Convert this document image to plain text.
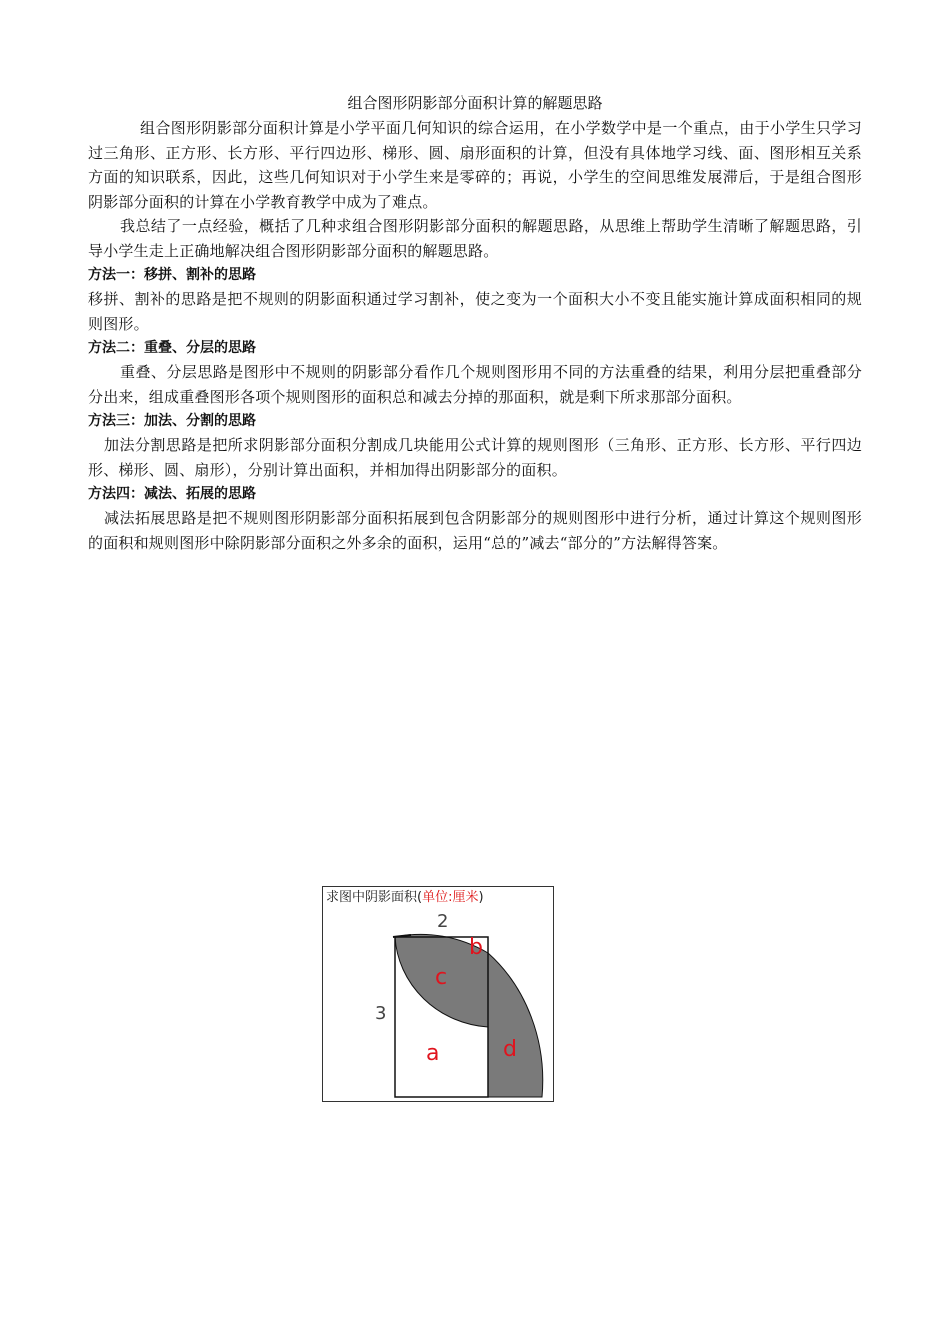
组合图形阴影部分面积计算的解题思路

组合图形阴影部分面积计算是小学平面几何知识的综合运用，在小学数学中是一个重点，由于小学生只学习过三角形、正方形、长方形、平行四边形、梯形、圆、扇形面积的计算，但没有具体地学习线、面、图形相互关系方面的知识联系，因此，这些几何知识对于小学生来是零碎的；再说，小学生的空间思维发展滞后，于是组合图形阴影部分面积的计算在小学教育教学中成为了难点。

我总结了一点经验，概括了几种求组合图形阴影部分面积的解题思路，从思维上帮助学生清晰了解题思路，引导小学生走上正确地解决组合图形阴影部分面积的解题思路。

方法一：移拼、割补的思路

移拼、割补的思路是把不规则的阴影面积通过学习割补，使之变为一个面积大小不变且能实施计算成面积相同的规则图形。

方法二：重叠、分层的思路

重叠、分层思路是图形中不规则的阴影部分看作几个规则图形用不同的方法重叠的结果，利用分层把重叠部分分出来，组成重叠图形各项个规则图形的面积总和减去分掉的那面积，就是剩下所求那部分面积。

方法三：加法、分割的思路

加法分割思路是把所求阴影部分面积分割成几块能用公式计算的规则图形（三角形、正方形、长方形、平行四边形、梯形、圆、扇形），分别计算出面积，并相加得出阴影部分的面积。

方法四：减法、拓展的思路

减法拓展思路是把不规则图形阴影部分面积拓展到包含阴影部分的规则图形中进行分析，通过计算这个规则图形的面积和规则图形中除阴影部分面积之外多余的面积，运用“总的”减去“部分的”方法解得答案。

求图中阴影面积(单位:厘米)
2
3
b
c
a	d
